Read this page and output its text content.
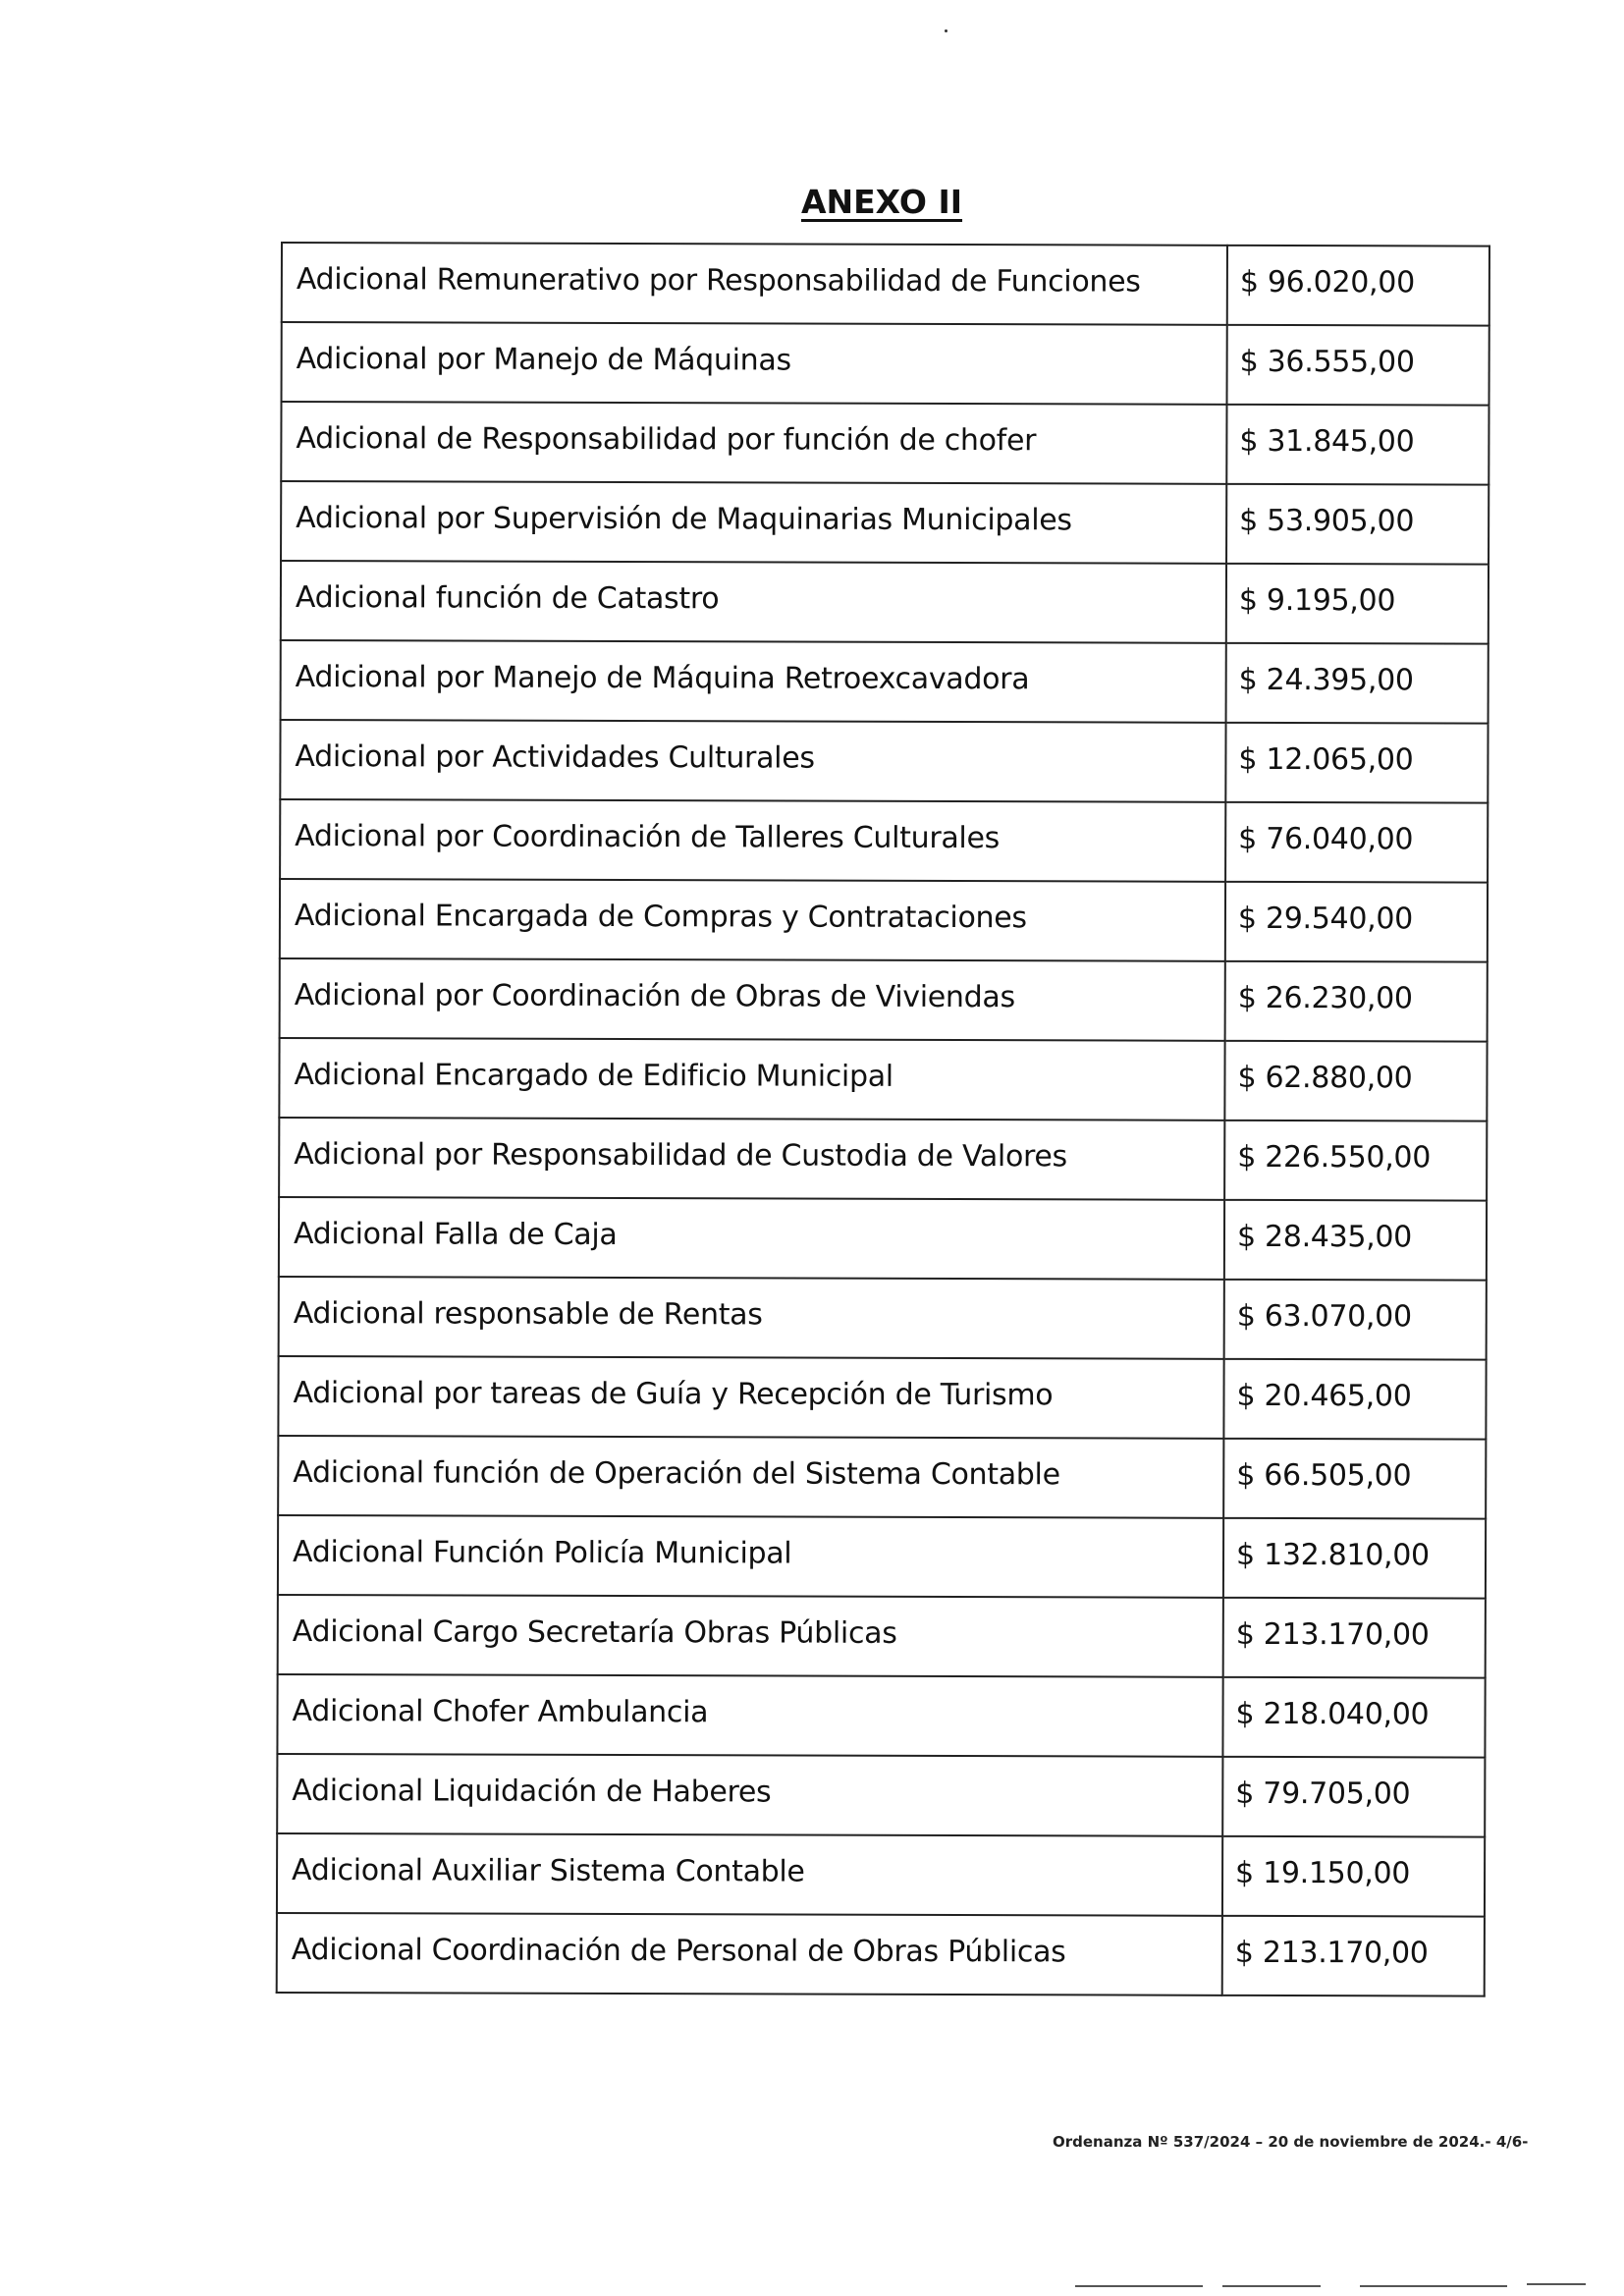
ANEXO II
Adicional Remunerativo por Responsabilidad de Funciones	$ 96.020,00
Adicional por Manejo de Máquinas	$ 36.555,00
Adicional de Responsabilidad por función de chofer	$ 31.845,00
Adicional por Supervisión de Maquinarias Municipales	$ 53.905,00
Adicional función de Catastro	$ 9.195,00
Adicional por Manejo de Máquina Retroexcavadora	$ 24.395,00
Adicional por Actividades Culturales	$ 12.065,00
Adicional por Coordinación de Talleres Culturales	$ 76.040,00
Adicional Encargada de Compras y Contrataciones	$ 29.540,00
Adicional por Coordinación de Obras de Viviendas	$ 26.230,00
Adicional Encargado de Edificio Municipal	$ 62.880,00
Adicional por Responsabilidad de Custodia de Valores	$ 226.550,00
Adicional Falla de Caja	$ 28.435,00
Adicional responsable de Rentas	$ 63.070,00
Adicional por tareas de Guía y Recepción de Turismo	$ 20.465,00
Adicional función de Operación del Sistema Contable	$ 66.505,00
Adicional Función Policía Municipal	$ 132.810,00
Adicional Cargo Secretaría Obras Públicas	$ 213.170,00
Adicional Chofer Ambulancia	$ 218.040,00
Adicional Liquidación de Haberes	$ 79.705,00
Adicional Auxiliar Sistema Contable	$ 19.150,00
Adicional Coordinación de Personal de Obras Públicas	$ 213.170,00
Ordenanza Nº 537/2024 – 20 de noviembre de 2024.- 4/6-
